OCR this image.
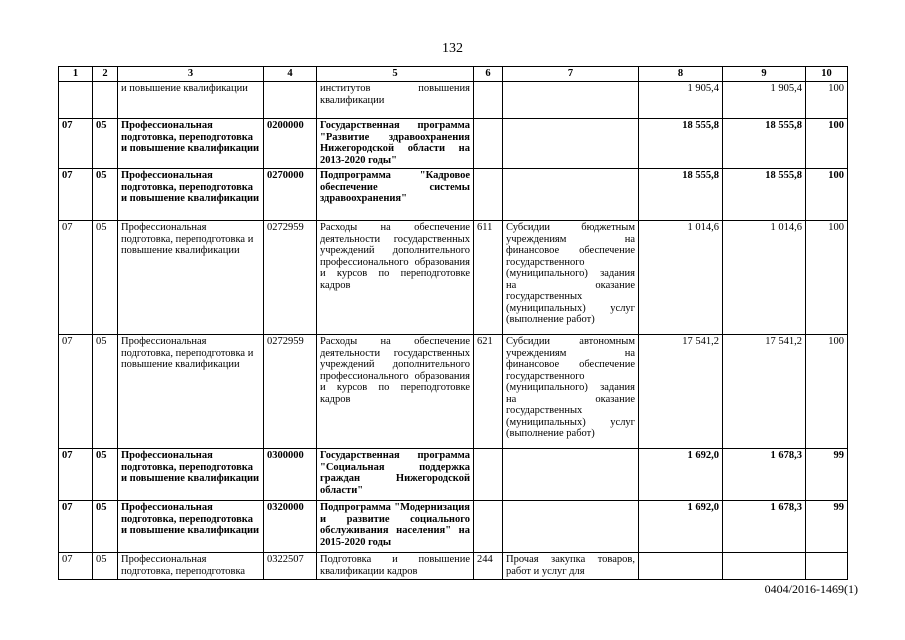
132
1	2	3	4	5	6	7	8	9	10
		и повышение квалификации		институтов повышения квалификации			1 905,4	1 905,4	100
07	05	Профессиональная подготовка, переподготовка и повышение квалификации	0200000	Государственная программа "Развитие здравоохранения Нижегородской области на 2013-2020 годы"			18 555,8	18 555,8	100
07	05	Профессиональная подготовка, переподготовка и повышение квалификации	0270000	Подпрограмма "Кадровое обеспечение системы здравоохранения"			18 555,8	18 555,8	100
07	05	Профессиональная подготовка, переподготовка и повышение квалификации	0272959	Расходы на обеспечение деятельности государственных учреждений дополнительного профессионального образования и курсов по переподготовке кадров	611	Субсидии бюджетным учреждениям на финансовое обеспечение государственного (муниципального) задания на оказание государственных (муниципальных) услуг (выполнение работ)	1 014,6	1 014,6	100
07	05	Профессиональная подготовка, переподготовка и повышение квалификации	0272959	Расходы на обеспечение деятельности государственных учреждений дополнительного профессионального образования и курсов по переподготовке кадров	621	Субсидии автономным учреждениям на финансовое обеспечение государственного (муниципального) задания на оказание государственных (муниципальных) услуг (выполнение работ)	17 541,2	17 541,2	100
07	05	Профессиональная подготовка, переподготовка и повышение квалификации	0300000	Государственная программа "Социальная поддержка граждан Нижегородской области"			1 692,0	1 678,3	99
07	05	Профессиональная подготовка, переподготовка и повышение квалификации	0320000	Подпрограмма "Модернизация и развитие социального обслуживания населения" на 2015-2020 годы			1 692,0	1 678,3	99
07	05	Профессиональная подготовка, переподготовка	0322507	Подготовка и повышение квалификации кадров	244	Прочая закупка товаров, работ и услуг для			
0404/2016-1469(1)
